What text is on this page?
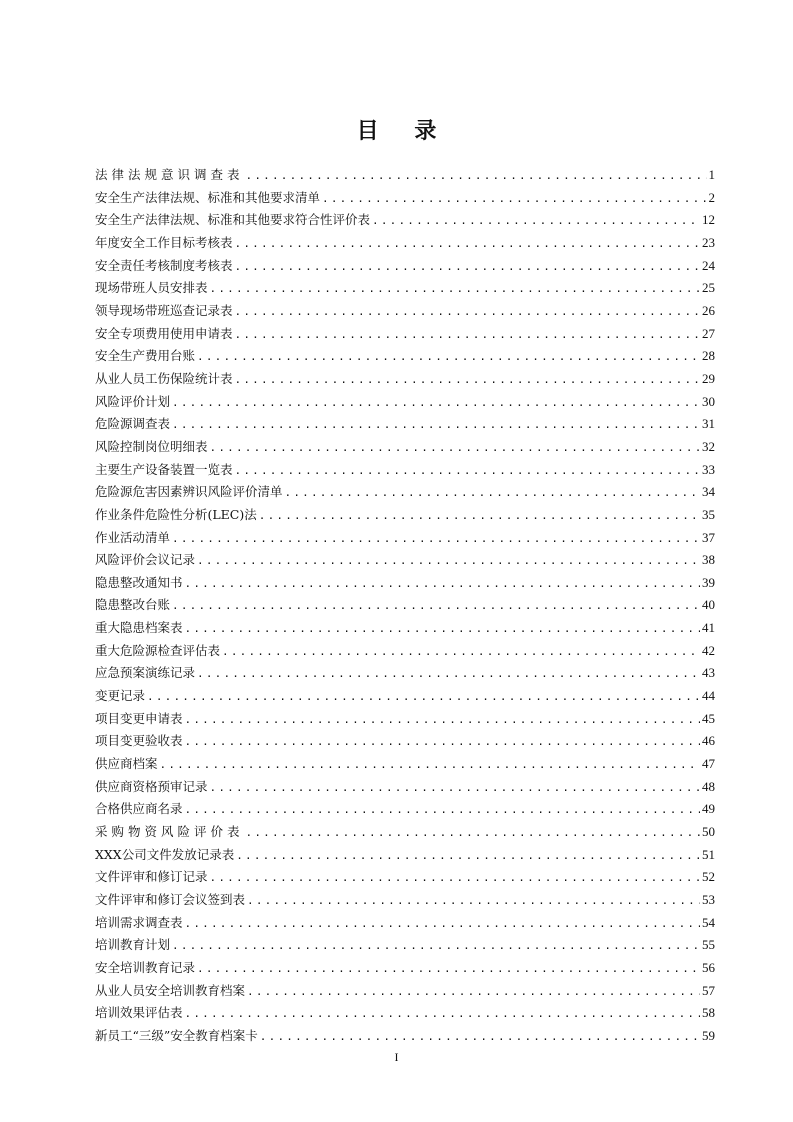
目 录
法律法规意识调查表 .....	1
安全生产法律法规、标准和其他要求清单 .....	2
安全生产法律法规、标准和其他要求符合性评价表 .....	12
年度安全工作目标考核表 .....	23
安全责任考核制度考核表 .....	24
现场带班人员安排表 .....	25
领导现场带班巡查记录表 .....	26
安全专项费用使用申请表 .....	27
安全生产费用台账 .....	28
从业人员工伤保险统计表 .....	29
风险评价计划 .....	30
危险源调查表 .....	31
风险控制岗位明细表 .....	32
主要生产设备装置一览表 .....	33
危险源危害因素辨识风险评价清单 .....	34
作业条件危险性分析(LEC)法 .....	35
作业活动清单 .....	37
风险评价会议记录 .....	38
隐患整改通知书 .....	39
隐患整改台账 .....	40
重大隐患档案表 .....	41
重大危险源检查评估表 .....	42
应急预案演练记录 .....	43
变更记录 .....	44
项目变更申请表 .....	45
项目变更验收表 .....	46
供应商档案 .....	47
供应商资格预审记录 .....	48
合格供应商名录 .....	49
采购物资风险评价表 .....	50
XXX公司文件发放记录表 .....	51
文件评审和修订记录 .....	52
文件评审和修订会议签到表 .....	53
培训需求调查表 .....	54
培训教育计划 .....	55
安全培训教育记录 .....	56
从业人员安全培训教育档案 .....	57
培训效果评估表 .....	58
新员工“三级”安全教育档案卡 .....	59
I
